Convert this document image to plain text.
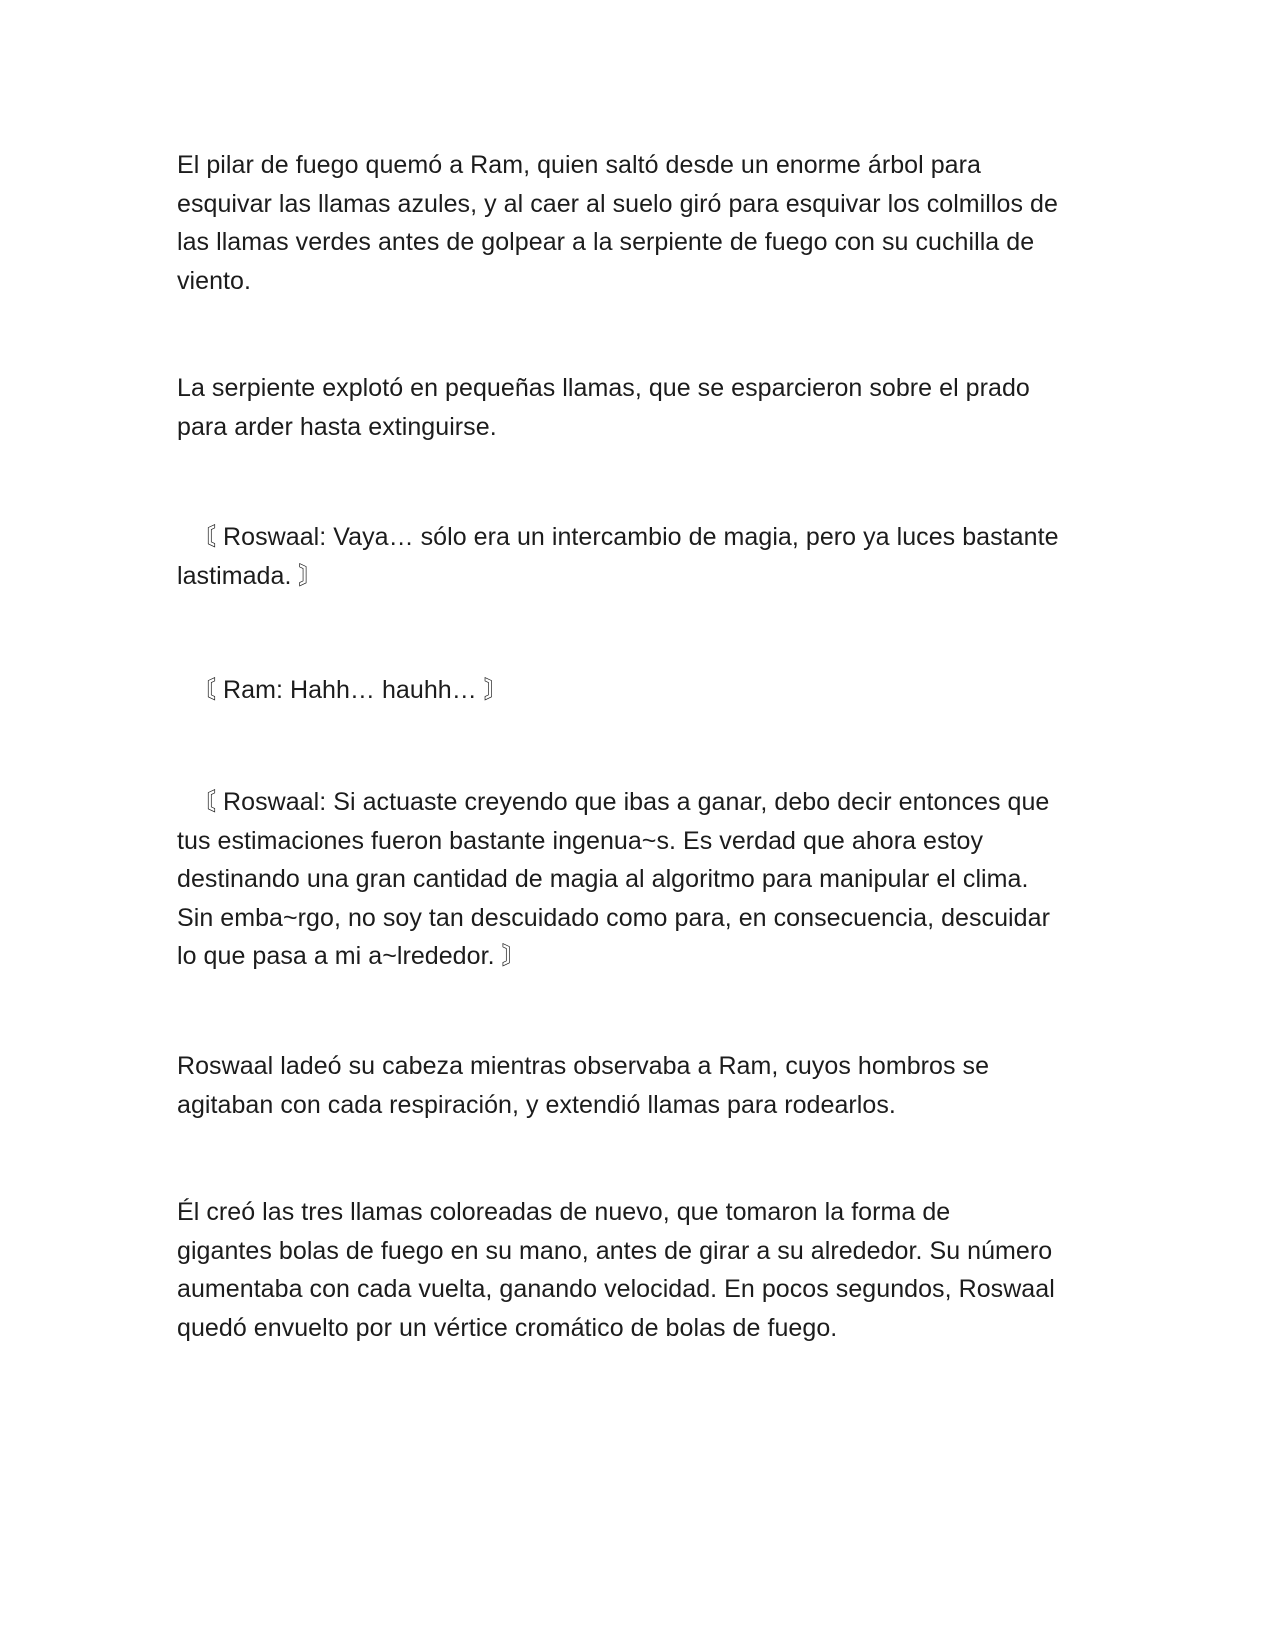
El pilar de fuego quemó a Ram, quien saltó desde un enorme árbol para
esquivar las llamas azules, y al caer al suelo giró para esquivar los colmillos de
las llamas verdes antes de golpear a la serpiente de fuego con su cuchilla de
viento.

La serpiente explotó en pequeñas llamas, que se esparcieron sobre el prado
para arder hasta extinguirse.

〘 Roswaal: Vaya… sólo era un intercambio de magia, pero ya luces bastante
lastimada. 〙

〘 Ram: Hahh… hauhh… 〙

〘 Roswaal: Si actuaste creyendo que ibas a ganar, debo decir entonces que
tus estimaciones fueron bastante ingenua~s. Es verdad que ahora estoy
destinando una gran cantidad de magia al algoritmo para manipular el clima.
Sin emba~rgo, no soy tan descuidado como para, en consecuencia, descuidar
lo que pasa a mi a~lrededor. 〙

Roswaal ladeó su cabeza mientras observaba a Ram, cuyos hombros se
agitaban con cada respiración, y extendió llamas para rodearlos.

Él creó las tres llamas coloreadas de nuevo, que tomaron la forma de
gigantes bolas de fuego en su mano, antes de girar a su alrededor. Su número
aumentaba con cada vuelta, ganando velocidad. En pocos segundos, Roswaal
quedó envuelto por un vértice cromático de bolas de fuego.
